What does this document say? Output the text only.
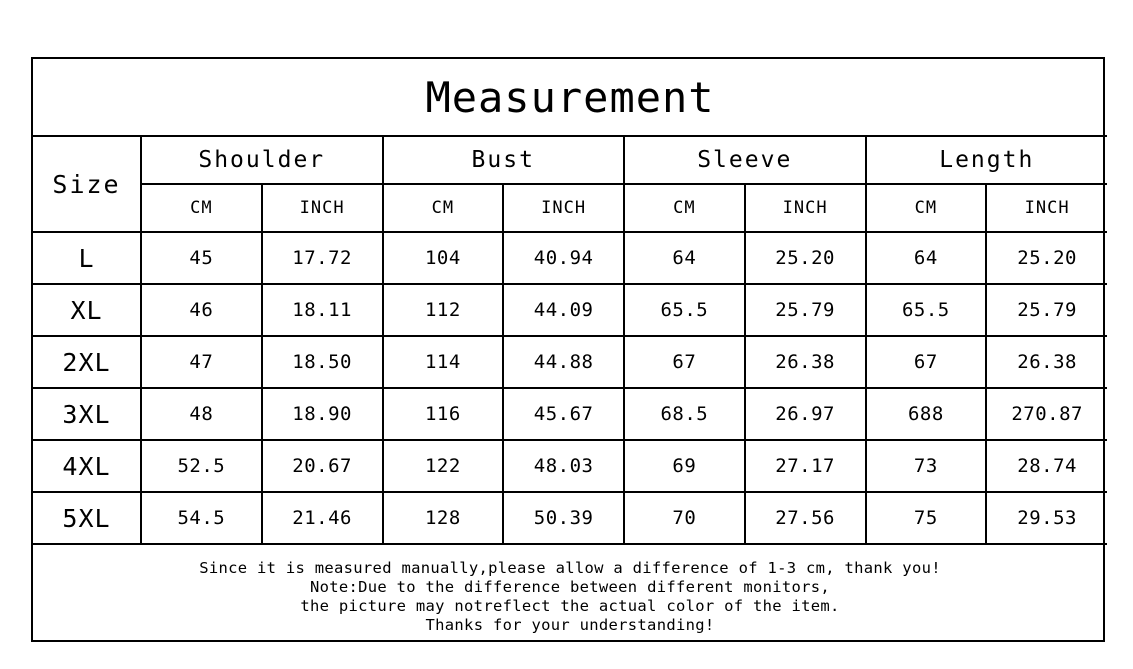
Measurement								
Size	Shoulder		Bust		Sleeve		Length	
	CM	INCH	CM	INCH	CM	INCH	CM	INCH
L	45	17.72	104	40.94	64	25.20	64	25.20
XL	46	18.11	112	44.09	65.5	25.79	65.5	25.79
2XL	47	18.50	114	44.88	67	26.38	67	26.38
3XL	48	18.90	116	45.67	68.5	26.97	688	270.87
4XL	52.5	20.67	122	48.03	69	27.17	73	28.74
5XL	54.5	21.46	128	50.39	70	27.56	75	29.53

Since it is measured manually,please allow a difference of 1-3 cm, thank you!
Note:Due to the difference between different monitors,
the picture may notreflect the actual color of the item.
Thanks for your understanding!								
